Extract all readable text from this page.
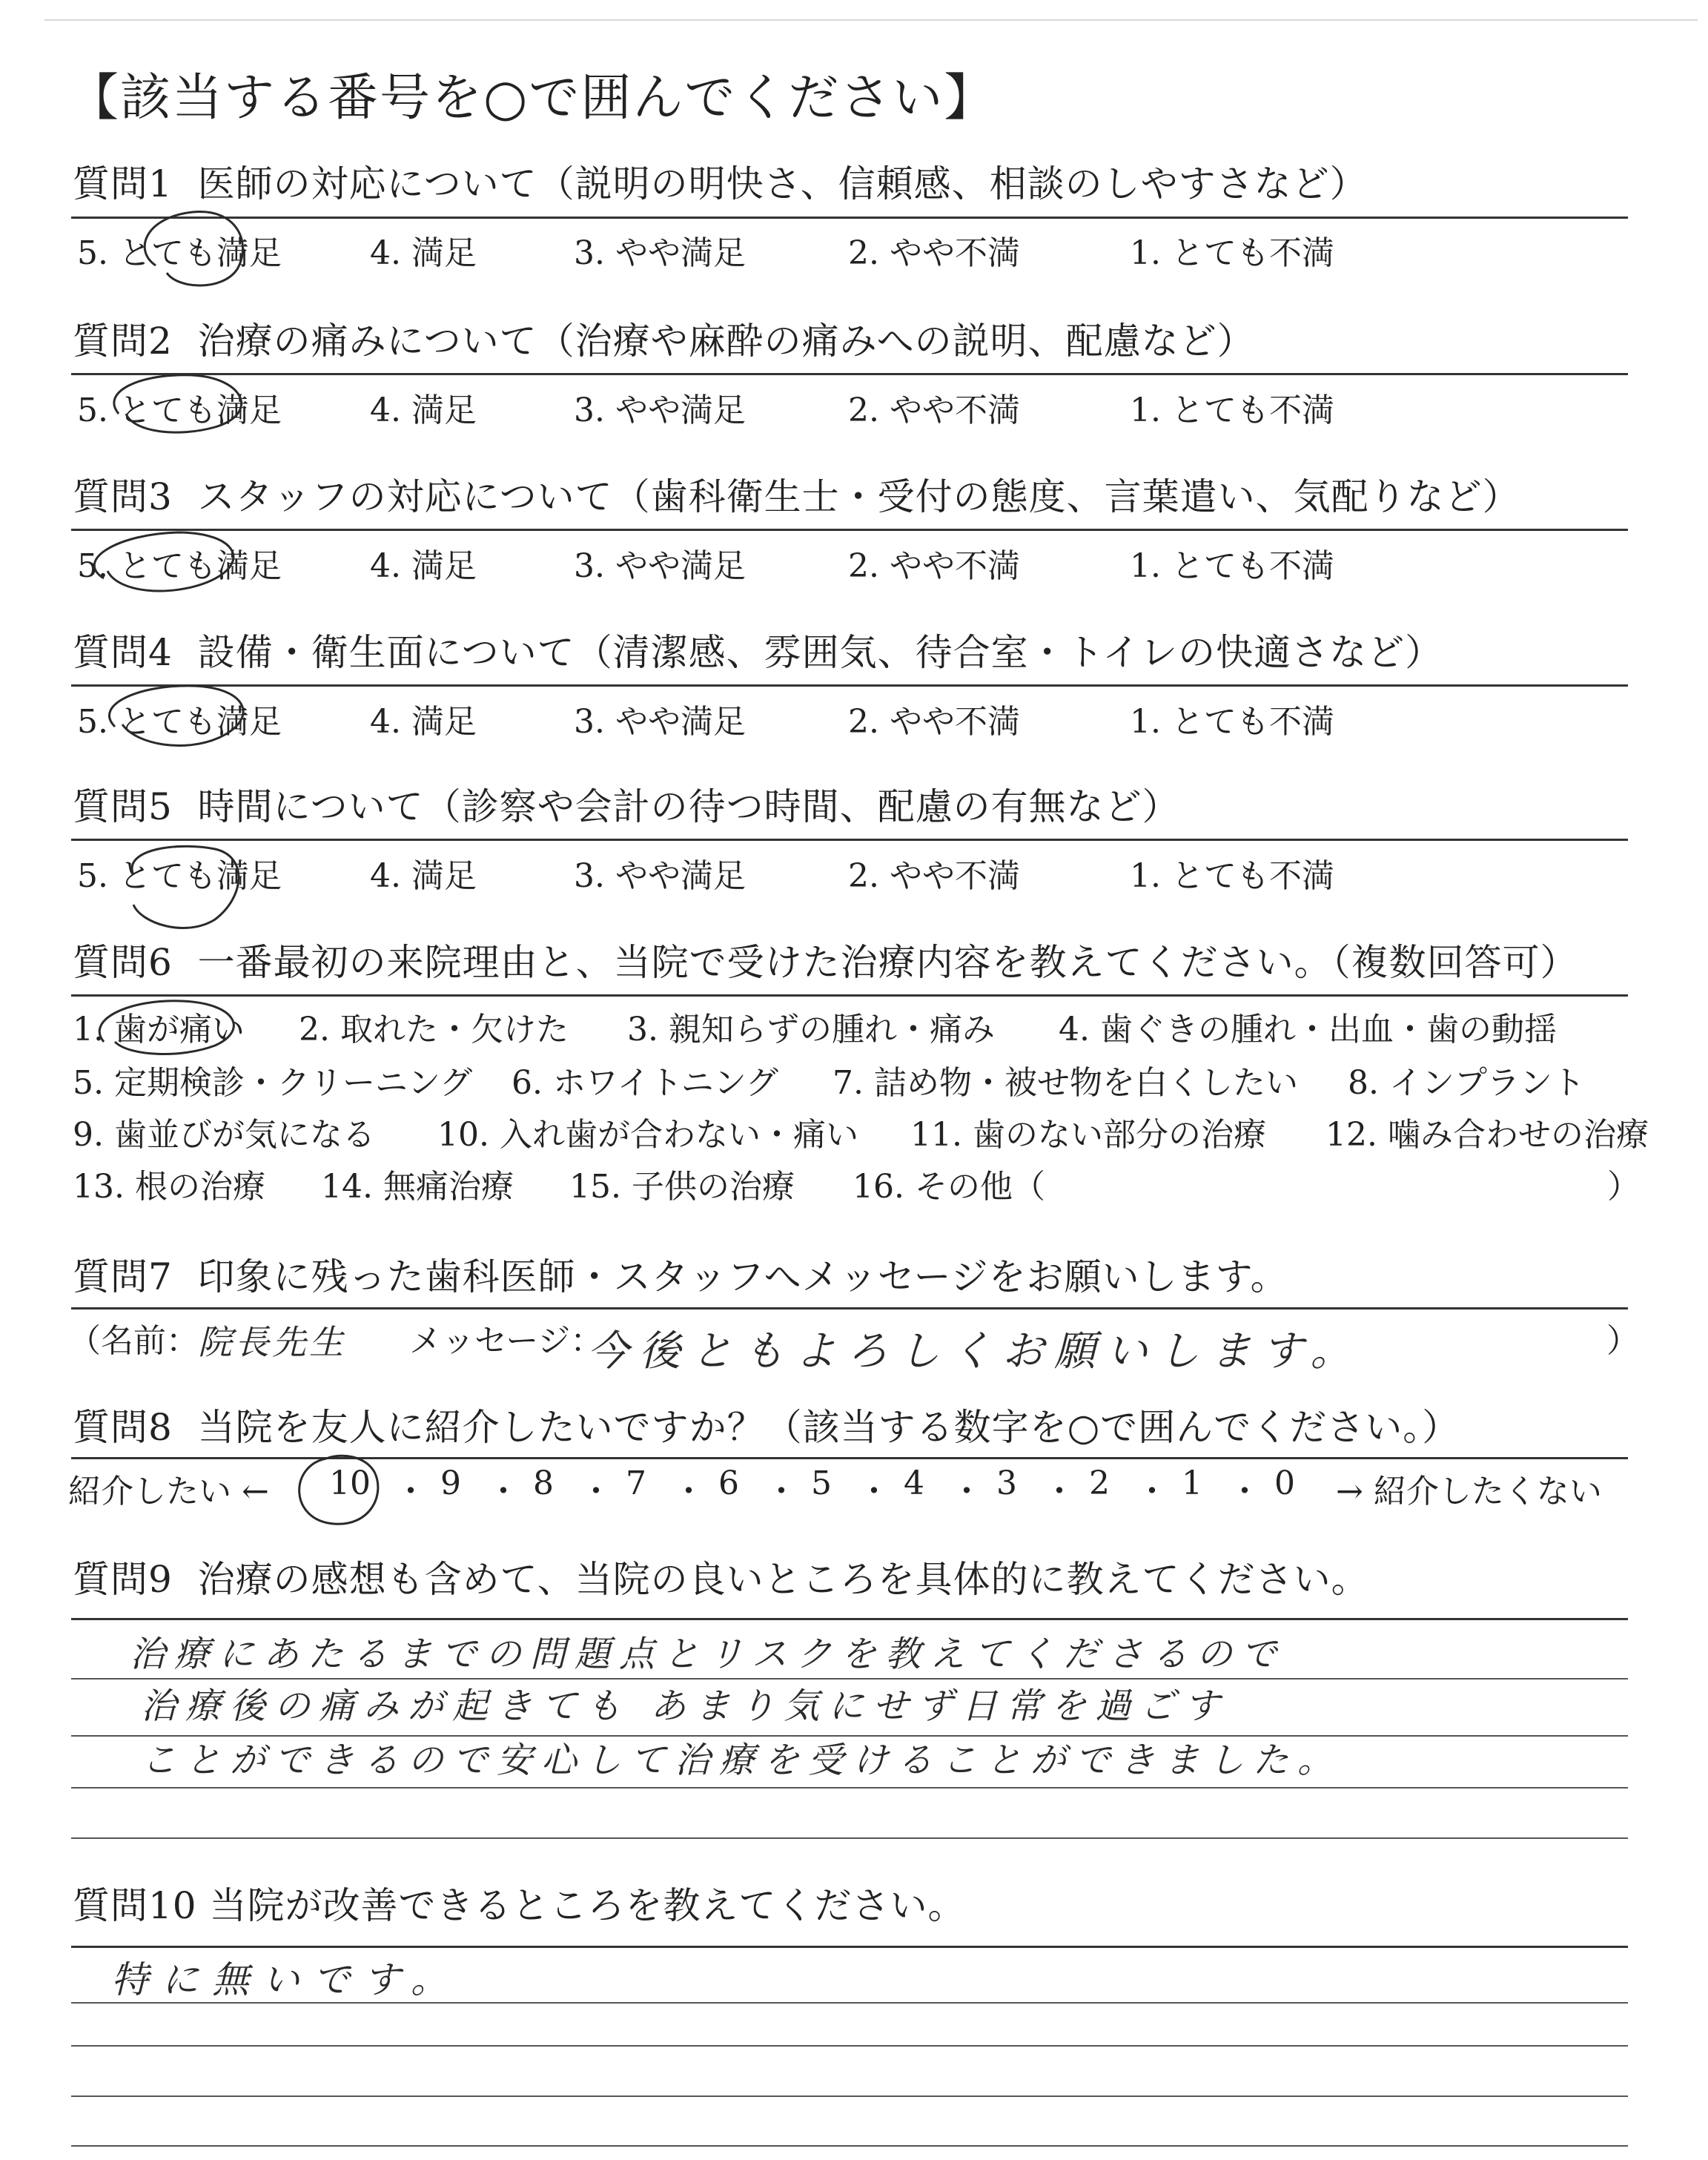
【該当する番号を○で囲んでください】
質問1 医師の対応について（説明の明快さ、信頼感、相談のしやすさなど）
5. とても満足	4. 満足	3. やや満足	2. やや不満	1. とても不満
質問2 治療の痛みについて（治療や麻酔の痛みへの説明、配慮など）
5. とても満足	4. 満足	3. やや満足	2. やや不満	1. とても不満
質問3 スタッフの対応について（歯科衛生士・受付の態度、言葉遣い、気配りなど）
5. とても満足	4. 満足	3. やや満足	2. やや不満	1. とても不満
質問4 設備・衛生面について（清潔感、雰囲気、待合室・トイレの快適さなど）
5. とても満足	4. 満足	3. やや満足	2. やや不満	1. とても不満
質問5 時間について（診察や会計の待つ時間、配慮の有無など）
5. とても満足	4. 満足	3. やや満足	2. やや不満	1. とても不満
質問6 一番最初の来院理由と、当院で受けた治療内容を教えてください。（複数回答可）
1. 歯が痛い 2. 取れた・欠けた 3. 親知らずの腫れ・痛み 4. 歯ぐきの腫れ・出血・歯の動揺
5. 定期検診・クリーニング 6. ホワイトニング 7. 詰め物・被せ物を白くしたい 8. インプラント
9. 歯並びが気になる 10. 入れ歯が合わない・痛い 11. 歯のない部分の治療 12. 噛み合わせの治療
13. 根の治療 14. 無痛治療 15. 子供の治療 16. その他（	）
質問7 印象に残った歯科医師・スタッフへメッセージをお願いします。
（名前： 院長先生 メッセージ：
今後ともよろしくお願いします。	）
質問8 当院を友人に紹介したいですか？（該当する数字を○で囲んでください。）
紹介したい ← 10 ・ 9 ・ 8 ・ 7 ・ 6 ・ 5 ・ 4 ・ 3 ・ 2 ・ 1 ・ 0 → 紹介したくない
質問9 治療の感想も含めて、当院の良いところを具体的に教えてください。
治療にあたるまでの問題点とリスクを教えてくださるので
治療後の痛みが起きても あまり気にせず日常を過ごす
ことができるので安心して治療を受けることができました。
質問10 当院が改善できるところを教えてください。
特に無いです。
